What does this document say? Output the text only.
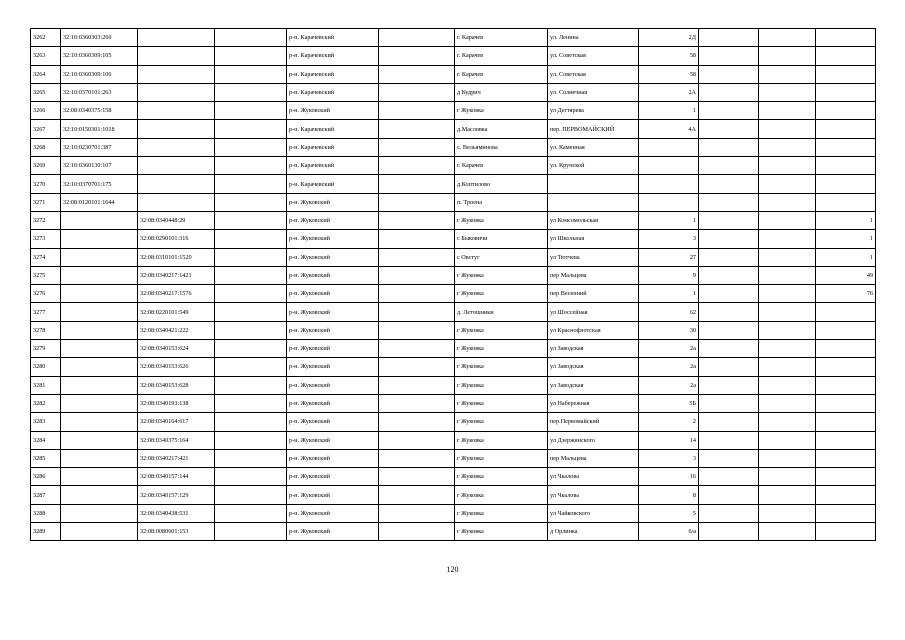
3262	32:10:0360303:260			р-н. Карачевский		г. Карачев	ул. Ленина	2Д			
3263	32:10:0360309:105			р-н. Карачевский		г. Карачев	ул. Советская	58			
3264	32:10:0360309:106			р-н. Карачевский		г. Карачев	ул. Советская	58			
3265	32:10:0370101:263			р-н. Карачевский		д Кудрич	ул. Солнечная	2А			
3266	32:08:0340375:158			р-н. Жуковский		г Жуковка	ул Дегтярева	1			
3267	32:10:0150301:1018			р-н. Карачевский		д.Масловка	пер. ПЕРВОМАЙСКИЙ	4А			
3268	32:10:0230701:387			р-н. Карачевский		с. Вельяминова	ул. Каменная				
3269	32:10:0360130:107			р-н. Карачевский		г. Карачев	ул. Крупской				
3270	32:10:0370701:175			р-н. Карачевский		д.Коптилово					
3271	32:08:0120101:1644			р-н. Жуковский		п. Троена					
3272		32:08:0340448:29		р-н. Жуковский		г Жуковка	ул Комсомольская	1			1
3273		32:08:0290101:316		р-н. Жуковский		с Быковичи	ул Школьная	3			1
3274		32:08:0310101:1520		р-н. Жуковский		с Овстуг	ул Тютчева	27			1
3275		32:08:0340217:1421		р-н. Жуковский		г Жуковка	пер Мальцева	9			49
3276		32:08:0340217:1576		р-н. Жуковский		г Жуковка	пер Весенний	1			76
3277		32:08:0220101:549		р-н. Жуковский		д. Летошники	ул Шоссейная	62			
3278		32:08:0340421:222		р-н. Жуковский		г Жуковка	ул Краснофлотская	30			
3279		32:08:0340153:624		р-н. Жуковский		г Жуковка	ул Заводская	2а			
3280		32:08:0340153:626		р-н. Жуковский		г Жуковка	ул Заводская	2а			
3281		32:08:0340153:628		р-н. Жуковский		г Жуковка	ул Заводская	2а			
3282		32:08:0340193:138		р-н. Жуковский		г Жуковка	ул Набережная	5Б			
3283		32:08:0340164:617		р-н. Жуковский		г Жуковка	пер.Первомайский	2			
3284		32:08:0340375:164		р-н. Жуковский		г Жуковка	ул Дзержинского	14			
3285		32:08:0340217:421		р-н. Жуковский		г Жуковка	пер Мальцева	3			
3286		32:08:0340157:144		р-н. Жуковский		г Жуковка	ул Чкалова	16			
3287		32:08:0340157:129		р-н. Жуковский		г Жуковка	ул Чкалова	8			
3288		32:08:0340438:531		р-н. Жуковский		г Жуковка	ул Чайковского	5			
3289		32:08:0080601:153		р-н. Жуковский		г Жуковка	д Орлинка	6/а			
120
